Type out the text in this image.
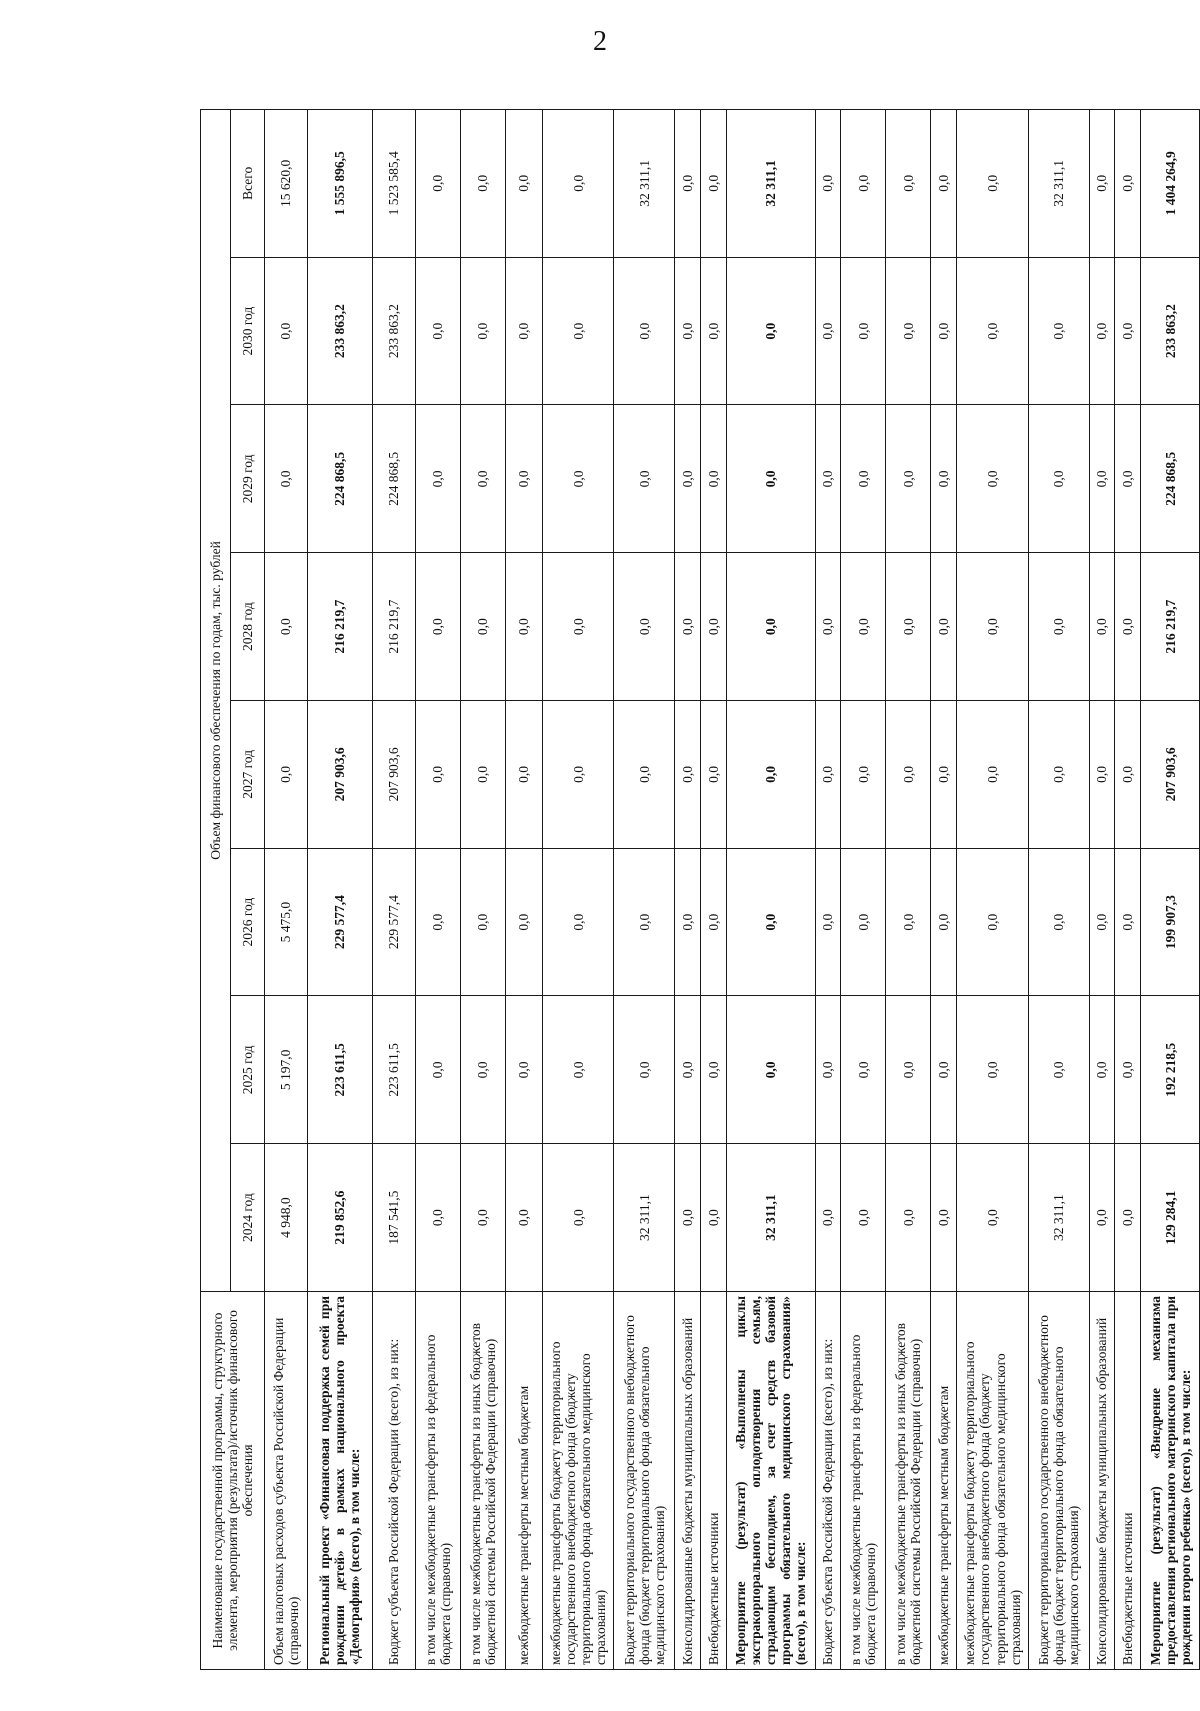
2
Наименование государственной программы, структурного элемента, мероприятия (результата)/источник финансового обеспечения	Объем финансового обеспечения по годам, тыс. рублей							
	2024 год	2025 год	2026 год	2027 год	2028 год	2029 год	2030 год	Всего
Объем налоговых расходов субъекта Российской Федерации (справочно)	4 948,0	5 197,0	5 475,0	0,0	0,0	0,0	0,0	15 620,0
Региональный проект «Финансовая поддержка семей при рождении детей» в рамках национального проекта «Демография» (всего), в том числе:	219 852,6	223 611,5	229 577,4	207 903,6	216 219,7	224 868,5	233 863,2	1 555 896,5
Бюджет субъекта Российской Федерации (всего), из них:	187 541,5	223 611,5	229 577,4	207 903,6	216 219,7	224 868,5	233 863,2	1 523 585,4
в том числе межбюджетные трансферты из федерального бюджета (справочно)	0,0	0,0	0,0	0,0	0,0	0,0	0,0	0,0
в том числе межбюджетные трансферты из иных бюджетов бюджетной системы Российской Федерации (справочно)	0,0	0,0	0,0	0,0	0,0	0,0	0,0	0,0
межбюджетные трансферты местным бюджетам	0,0	0,0	0,0	0,0	0,0	0,0	0,0	0,0
межбюджетные трансферты бюджету территориального государственного внебюджетного фонда (бюджету территориального фонда обязательного медицинского страхования)	0,0	0,0	0,0	0,0	0,0	0,0	0,0	0,0
Бюджет территориального государственного внебюджетного фонда (бюджет территориального фонда обязательного медицинского страхования)	32 311,1	0,0	0,0	0,0	0,0	0,0	0,0	32 311,1
Консолидированные бюджеты муниципальных образований	0,0	0,0	0,0	0,0	0,0	0,0	0,0	0,0
Внебюджетные источники	0,0	0,0	0,0	0,0	0,0	0,0	0,0	0,0
Мероприятие (результат) «Выполнены циклы экстракорпорального оплодотворения семьям, страдающим бесплодием, за счет средств базовой программы обязательного медицинского страхования» (всего), в том числе:	32 311,1	0,0	0,0	0,0	0,0	0,0	0,0	32 311,1
Бюджет субъекта Российской Федерации (всего), из них:	0,0	0,0	0,0	0,0	0,0	0,0	0,0	0,0
в том числе межбюджетные трансферты из федерального бюджета (справочно)	0,0	0,0	0,0	0,0	0,0	0,0	0,0	0,0
в том числе межбюджетные трансферты из иных бюджетов бюджетной системы Российской Федерации (справочно)	0,0	0,0	0,0	0,0	0,0	0,0	0,0	0,0
межбюджетные трансферты местным бюджетам	0,0	0,0	0,0	0,0	0,0	0,0	0,0	0,0
межбюджетные трансферты бюджету территориального государственного внебюджетного фонда (бюджету территориального фонда обязательного медицинского страхования)	0,0	0,0	0,0	0,0	0,0	0,0	0,0	0,0
Бюджет территориального государственного внебюджетного фонда (бюджет территориального фонда обязательного медицинского страхования)	32 311,1	0,0	0,0	0,0	0,0	0,0	0,0	32 311,1
Консолидированные бюджеты муниципальных образований	0,0	0,0	0,0	0,0	0,0	0,0	0,0	0,0
Внебюджетные источники	0,0	0,0	0,0	0,0	0,0	0,0	0,0	0,0
Мероприятие (результат) «Внедрение механизма предоставления регионального материнского капитала при рождении второго ребенка» (всего), в том числе:	129 284,1	192 218,5	199 907,3	207 903,6	216 219,7	224 868,5	233 863,2	1 404 264,9
